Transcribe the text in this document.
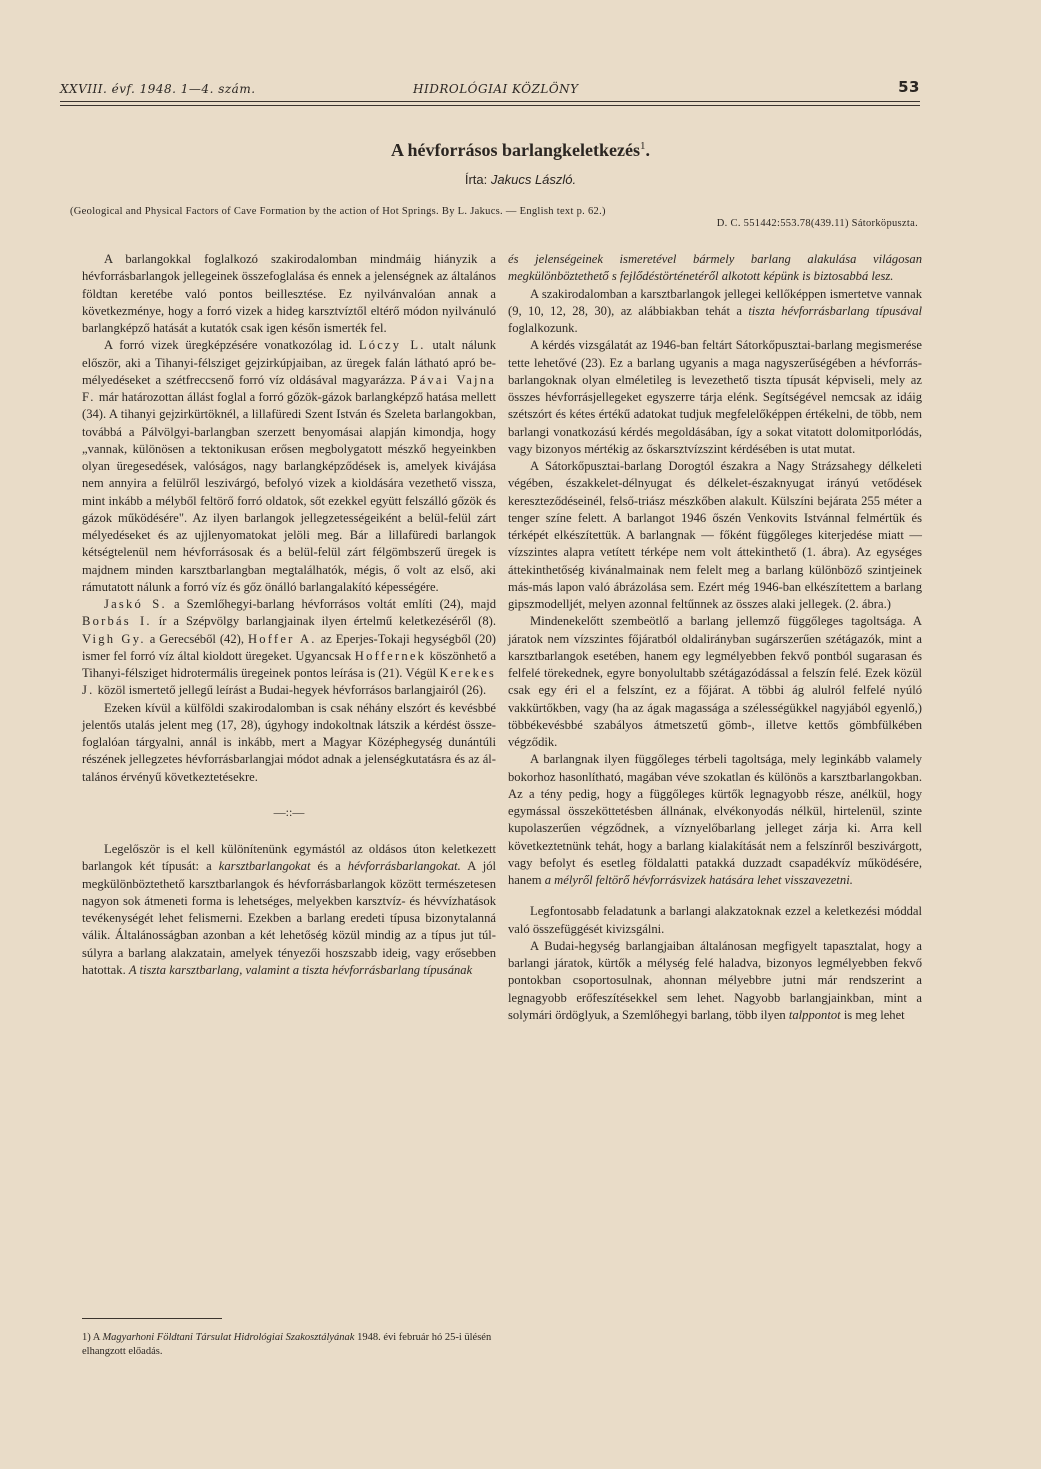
XXVIII. évf. 1948. 1—4. szám.	HIDROLÓGIAI KÖZLÖNY	53
A hévforrásos barlangkeletkezés$^1$.
Írta: Jakucs László.
(Geological and Physical Factors of Cave Formation by the action of Hot Springs. By L. Jakucs. — English text p. 62.)
D. C. 551442:553.78(439.11) Sátorköpuszta.

A barlangokkal foglalkozó szakirodalomban mindmáig hiányzik a hévforrásbarlangok jellegeinek összefoglalása és ennek a jelenségnek az általános földtan keretébe való pontos beillesztése. Ez nyilvánvalóan annak a következménye, hogy a forró vizek a hideg karsztvíztől eltérő módon nyilvánuló barlangképző hatását a kutatók csak igen későn ismerték fel.

A forró vizek üregképzésére vonatkozólag id. Lóczy L. utalt nálunk először, aki a Tihanyi-félsziget gejzirkúpjaiban, az üregek falán látható apró bemélyedéseket a szétfreccsenő forró víz oldásával magyarázza. Pávai Vajna F. már határozottan állást foglal a forró gőzök-gázok barlangképző hatása mellett (34). A tihanyi gejzirkürtöknél, a lillafüredi Szent István és Szeleta barlangokban, továbbá a Pálvölgyi-barlangban szerzett benyomásai alapján kimondja, hogy „vannak, különösen a tektonikusan erősen megbolygatott mészkő hegyeinkben olyan üregesedések, valóságos, nagy barlangképződések is, amelyek kivájása nem annyira a felülről leszivárgó, befolyó vizek a kioldására vezethető vissza, mint inkább a mélyből feltörő forró oldatok, sőt ezekkel együtt felszálló gőzök és gázok működésére". Az ilyen barlangok jellegzetességeiként a belül-felül zárt mélyedéseket és az ujjlenyomatokat jelöli meg. Bár a lillafüredi barlangok kétségtelenül nem hévforrásosak és a belül-felül zárt félgömbszerű üregek is majdnem minden karsztbarlangban megtalálhatók, mégis, ő volt az első, aki rámutatott nálunk a forró víz és gőz önálló barlangalakító képességére.

Jaskó S. a Szemlőhegyi-barlang hévforrásos voltát említi (24), majd Borbás I. ír a Szépvölgy barlangjainak ilyen értelmű keletkezéséről (8). Vigh Gy. a Gerecséből (42), Hoffer A. az Eperjes-Tokaji hegységből (20) ismer fel forró víz által kioldott üregeket. Ugyancsak Hoffernek köszönhető a Tihanyi-félsziget hidrotermális üregeinek pontos leírása is (21). Végül Kerekes J. közöl ismertető jellegű leírást a Budai-hegyek hévforrásos barlangjairól (26).

Ezeken kívül a külföldi szakirodalomban is csak néhány elszórt és kevésbbé jelentős utalás jelent meg (17, 28), úgyhogy indokoltnak látszik a kérdést összefoglalóan tárgyalni, annál is inkább, mert a Magyar Középhegység dunántúli részének jellegzetes hévforrásbarlangjai módot adnak a jelenségkutatásra és az általános érvényű következtetésekre.

—::—

Legelőször is el kell különítenünk egymástól az oldásos úton keletkezett barlangok két típusát: a karsztbarlangokat és a hévforrásbarlangokat. A jól megkülönböztethető karsztbarlangok és hévforrásbarlangok között természetesen nagyon sok átmeneti forma is lehetséges, melyekben karsztvíz- és hévvízhatások tevékenységét lehet felismerni. Ezekben a barlang eredeti típusa bizonytalanná válik. Általánosságban azonban a két lehetőség közül mindig az a típus jut túlsúlyra a barlang alakzatain, amelyek tényezői hoszszabb ideig, vagy erősebben hatottak. A tiszta karsztbarlang, valamint a tiszta hévforrásbarlang típusának

1) A Magyarhoni Földtani Társulat Hidrológiai Szakosztályának 1948. évi február hó 25-i ülésén elhangzott előadás.

és jelenségeinek ismeretével bármely barlang alakulása világosan megkülönböztethető s fejlődéstörténetéről alkotott képünk is biztosabbá lesz.

A szakirodalomban a karsztbarlangok jellegei kellőképpen ismertetve vannak (9, 10, 12, 28, 30), az alábbiakban tehát a tiszta hévforrásbarlang típusával foglalkozunk.

A kérdés vizsgálatát az 1946-ban feltárt Sátorkőpusztai-barlang megismerése tette lehetővé (23). Ez a barlang ugyanis a maga nagyszerűségében a hévforrásbarlangoknak olyan elméletileg is levezethető tiszta típusát képviseli, mely az összes hévforrásjellegeket egyszerre tárja elénk. Segítségével nemcsak az idáig szétszórt és kétes értékű adatokat tudjuk megfelelőképpen értékelni, de több, nem barlangi vonatkozású kérdés megoldásában, így a sokat vitatott dolomitporlódás, vagy bizonyos mértékig az őskarsztvízszint kérdésében is utat mutat.

A Sátorkőpusztai-barlang Dorogtól északra a Nagy Strázsahegy délkeleti végében, északkelet-délnyugat és délkelet-északnyugat irányú vetődések kereszteződéseinél, felső-triász mészkőben alakult. Külszíni bejárata 255 méter a tenger színe felett. A barlangot 1946 őszén Venkovits Istvánnal felmértük és térképét elkészítettük. A barlangnak — főként függőleges kiterjedése miatt — vízszintes alapra vetített térképe nem volt áttekinthető (1. ábra). Az egységes áttekinthetőség kivánalmainak nem felelt meg a barlang különböző szintjeinek más-más lapon való ábrázolása sem. Ezért még 1946-ban elkészítettem a barlang gipszmodelljét, melyen azonnal feltűnnek az összes alaki jellegek. (2. ábra.)

Mindenekelőtt szembeötlő a barlang jellemző függőleges tagoltsága. A járatok nem vízszintes főjáratból oldalirányban sugárszerűen szétágazók, mint a karsztbarlangok esetében, hanem egy legmélyebben fekvő pontból sugarasan és felfelé törekednek, egyre bonyolultabb szétágazódással a felszín felé. Ezek közül csak egy éri el a felszínt, ez a főjárat. A többi ág alulról felfelé nyúló vakkürtőkben, vagy (ha az ágak magassága a szélességükkel nagyjából egyenlő,) többékevésbbé szabályos átmetszetű gömb-, illetve kettős gömbfülkében végződik.

A barlangnak ilyen függőleges térbeli tagoltsága, mely leginkább valamely bokorhoz hasonlítható, magában véve szokatlan és különös a karsztbarlangokban. Az a tény pedig, hogy a függőleges kürtők legnagyobb része, anélkül, hogy egymással összeköttetésben állnának, elvékonyodás nélkül, hirtelenül, szinte kupolaszerűen végződnek, a víznyelőbarlang jelleget zárja ki. Arra kell következtetnünk tehát, hogy a barlang kialakítását nem a felszínről beszivárgott, vagy befolyt és esetleg földalatti patakká duzzadt csapadékvíz működésére, hanem a mélyről feltörő hévforrásvizek hatására lehet visszavezetni.

Legfontosabb feladatunk a barlangi alakzatoknak ezzel a keletkezési móddal való összefüggését kivizsgálni.

A Budai-hegység barlangjaiban általánosan megfigyelt tapasztalat, hogy a barlangi járatok, kürtők a mélység felé haladva, bizonyos legmélyebben fekvő pontokban csoportosulnak, ahonnan mélyebbre jutni már rendszerint a legnagyobb erőfeszítésekkel sem lehet. Nagyobb barlangjainkban, mint a solymári ördöglyuk, a Szemlőhegyi barlang, több ilyen talppontot is meg lehet
